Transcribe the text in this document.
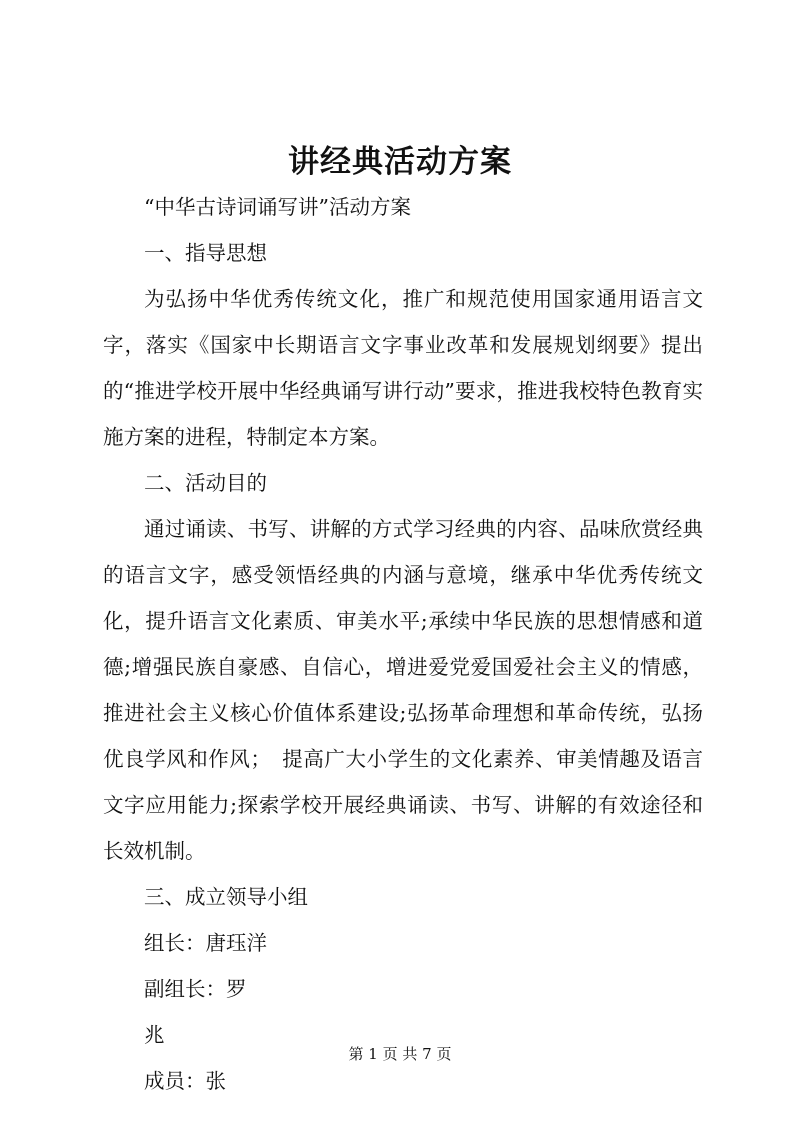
讲经典活动方案

“中华古诗词诵写讲”活动方案

一、指导思想

为弘扬中华优秀传统文化，推广和规范使用国家通用语言文字，落实《国家中长期语言文字事业改革和发展规划纲要》提出的“推进学校开展中华经典诵写讲行动”要求，推进我校特色教育实施方案的进程，特制定本方案。

二、活动目的

通过诵读、书写、讲解的方式学习经典的内容、品味欣赏经典的语言文字，感受领悟经典的内涵与意境，继承中华优秀传统文化，提升语言文化素质、审美水平;承续中华民族的思想情感和道德;增强民族自豪感、自信心，增进爱党爱国爱社会主义的情感，推进社会主义核心价值体系建设;弘扬革命理想和革命传统，弘扬优良学风和作风；　提高广大小学生的文化素养、审美情趣及语言文字应用能力;探索学校开展经典诵读、书写、讲解的有效途径和长效机制。

三、成立领导小组

组长：唐珏洋

副组长：罗

兆

成员：张

第 1 页 共 7 页
